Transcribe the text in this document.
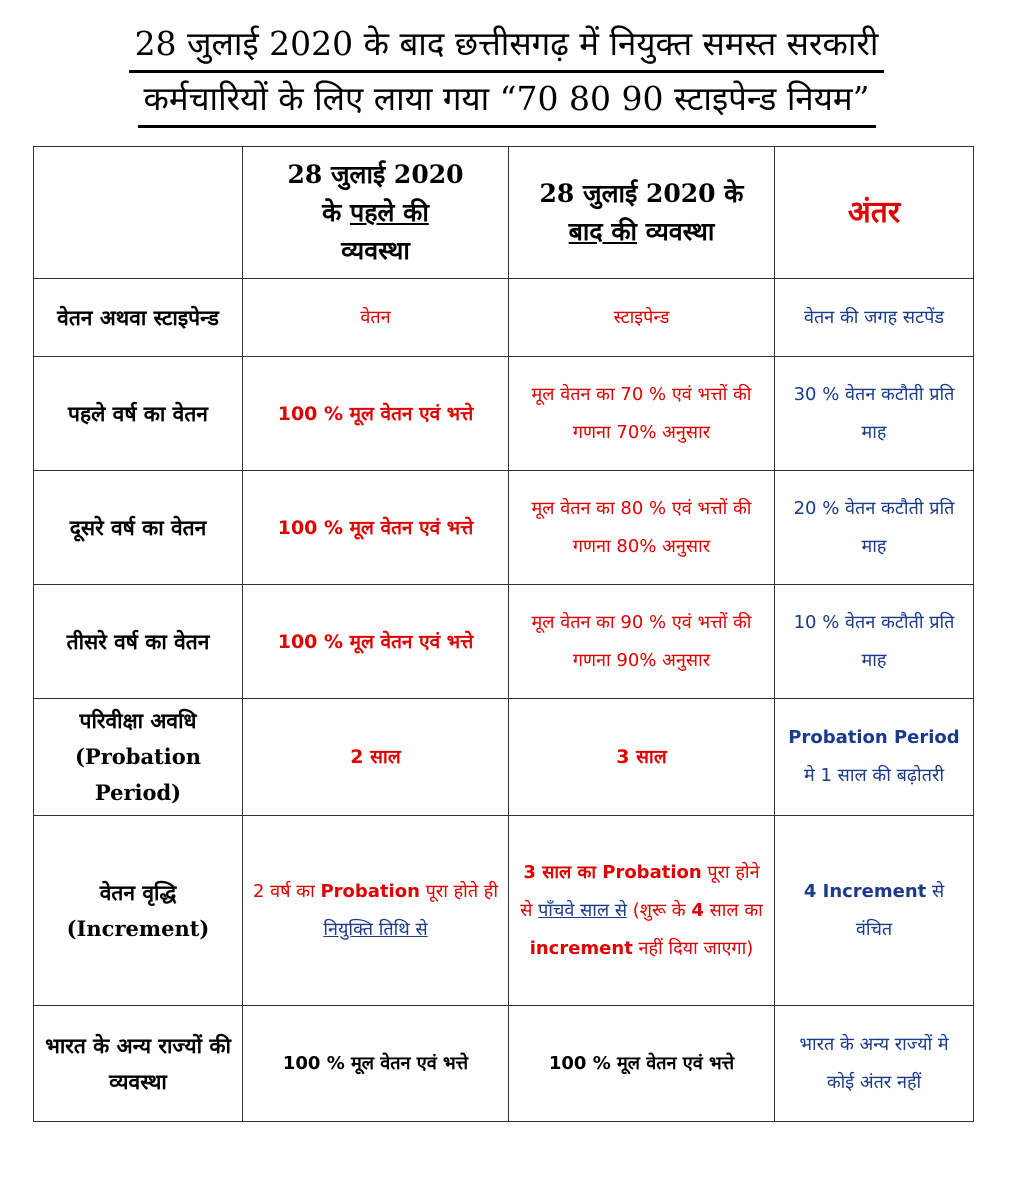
28 जुलाई 2020 के बाद छत्तीसगढ़ में नियुक्त समस्त सरकारी
कर्मचारियों के लिए लाया गया “70 80 90 स्टाइपेन्ड नियम”
	28 जुलाई 2020
के पहले की
व्यवस्था	28 जुलाई 2020 के
बाद की व्यवस्था	अंतर
वेतन अथवा स्टाइपेन्ड	वेतन	स्टाइपेन्ड	वेतन की जगह सटपेंड
पहले वर्ष का वेतन	100 % मूल वेतन एवं भत्ते	मूल वेतन का 70 % एवं भत्तों की गणना 70% अनुसार	30 % वेतन कटौती प्रति माह
दूसरे वर्ष का वेतन	100 % मूल वेतन एवं भत्ते	मूल वेतन का 80 % एवं भत्तों की गणना 80% अनुसार	20 % वेतन कटौती प्रति माह
तीसरे वर्ष का वेतन	100 % मूल वेतन एवं भत्ते	मूल वेतन का 90 % एवं भत्तों की गणना 90% अनुसार	10 % वेतन कटौती प्रति माह
परिवीक्षा अवधि (Probation Period)	2 साल	3 साल	Probation Period मे 1 साल की बढ़ोतरी
वेतन वृद्धि (Increment)	2 वर्ष का Probation पूरा होते ही नियुक्ति तिथि से	3 साल का Probation पूरा होने से पाँचवे साल से (शुरू के 4 साल का increment नहीं दिया जाएगा)	4 Increment से वंचित
भारत के अन्य राज्यों की व्यवस्था	100 % मूल वेतन एवं भत्ते	100 % मूल वेतन एवं भत्ते	भारत के अन्य राज्यों मे कोई अंतर नहीं
